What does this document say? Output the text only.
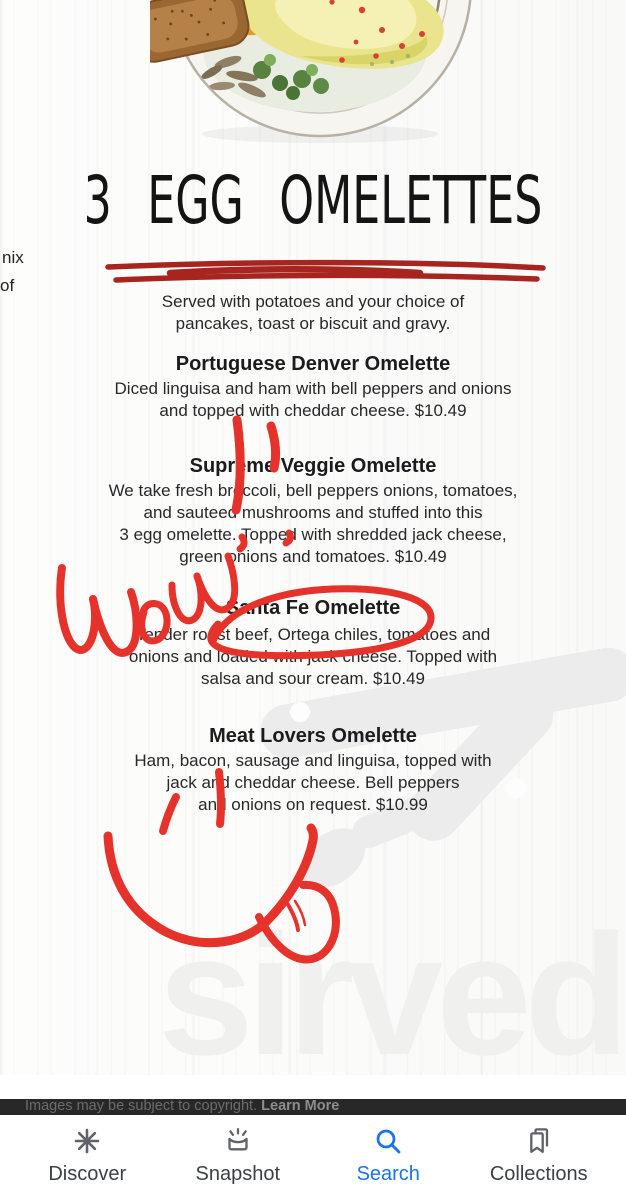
sirved
nix
of
3 EGG OMELETTES
Served with potatoes and your choice of
pancakes, toast or biscuit and gravy.
Portuguese Denver Omelette
Diced linguisa and ham with bell peppers and onions
and topped with cheddar cheese. $10.49
Supreme Veggie Omelette
We take fresh broccoli, bell peppers onions, tomatoes,
and sauteed mushrooms and stuffed into this
3 egg omelette. Topped with shredded jack cheese,
green onions and tomatoes. $10.49
Santa Fe Omelette
Tender roast beef, Ortega chiles, tomatoes and
onions and loaded with jack cheese. Topped with
salsa and sour cream. $10.49
Meat Lovers Omelette
Ham, bacon, sausage and linguisa, topped with
jack and cheddar cheese. Bell peppers
and onions on request. $10.99
Images may be subject to copyright. Learn More
Discover	Snapshot	Search	Collections
